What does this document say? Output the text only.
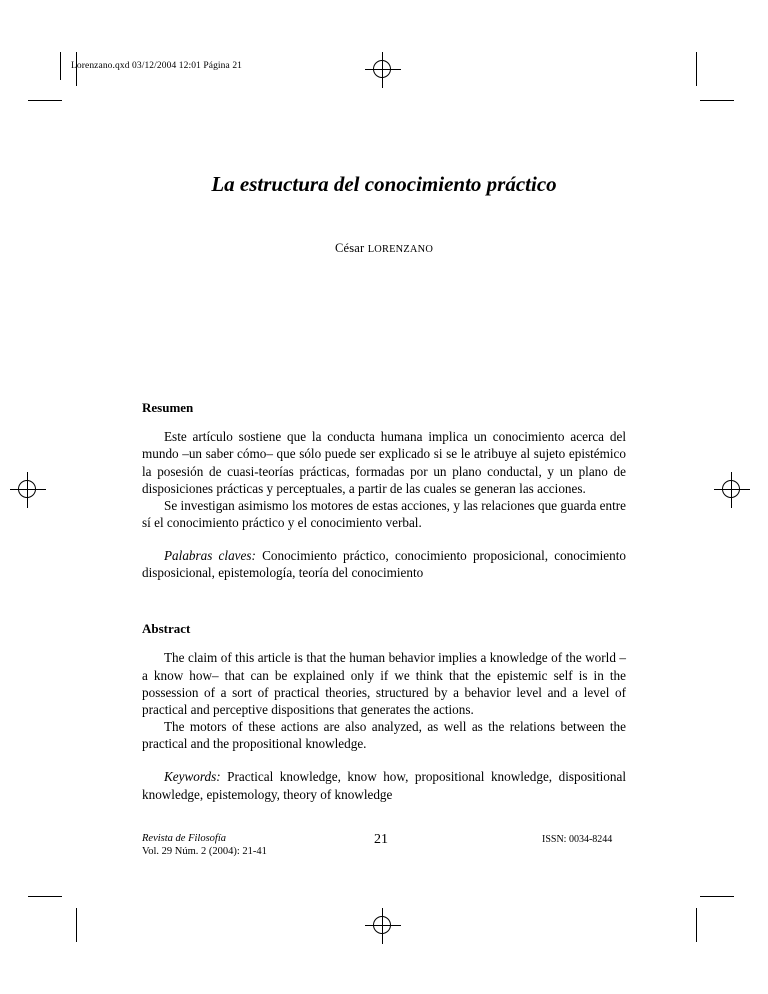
Lorenzano.qxd 03/12/2004 12:01 Página 21
La estructura del conocimiento práctico
César LORENZANO
Resumen

Este artículo sostiene que la conducta humana implica un conocimiento acerca del mundo –un saber cómo– que sólo puede ser explicado si se le atribuye al sujeto epistémico la posesión de cuasi-teorías prácticas, formadas por un plano conductal, y un plano de disposiciones prácticas y perceptuales, a partir de las cuales se generan las acciones.

Se investigan asimismo los motores de estas acciones, y las relaciones que guarda entre sí el conocimiento práctico y el conocimiento verbal.

Palabras claves: Conocimiento práctico, conocimiento proposicional, conocimiento disposicional, epistemología, teoría del conocimiento

Abstract

The claim of this article is that the human behavior implies a knowledge of the world –a know how– that can be explained only if we think that the epistemic self is in the possession of a sort of practical theories, structured by a behavior level and a level of practical and perceptive dispositions that generates the actions.

The motors of these actions are also analyzed, as well as the relations between the practical and the propositional knowledge.

Keywords: Practical knowledge, know how, propositional knowledge, dispositional knowledge, epistemology, theory of knowledge

Revista de Filosofía
Vol. 29 Núm. 2 (2004): 21-41
21	ISSN: 0034-8244
